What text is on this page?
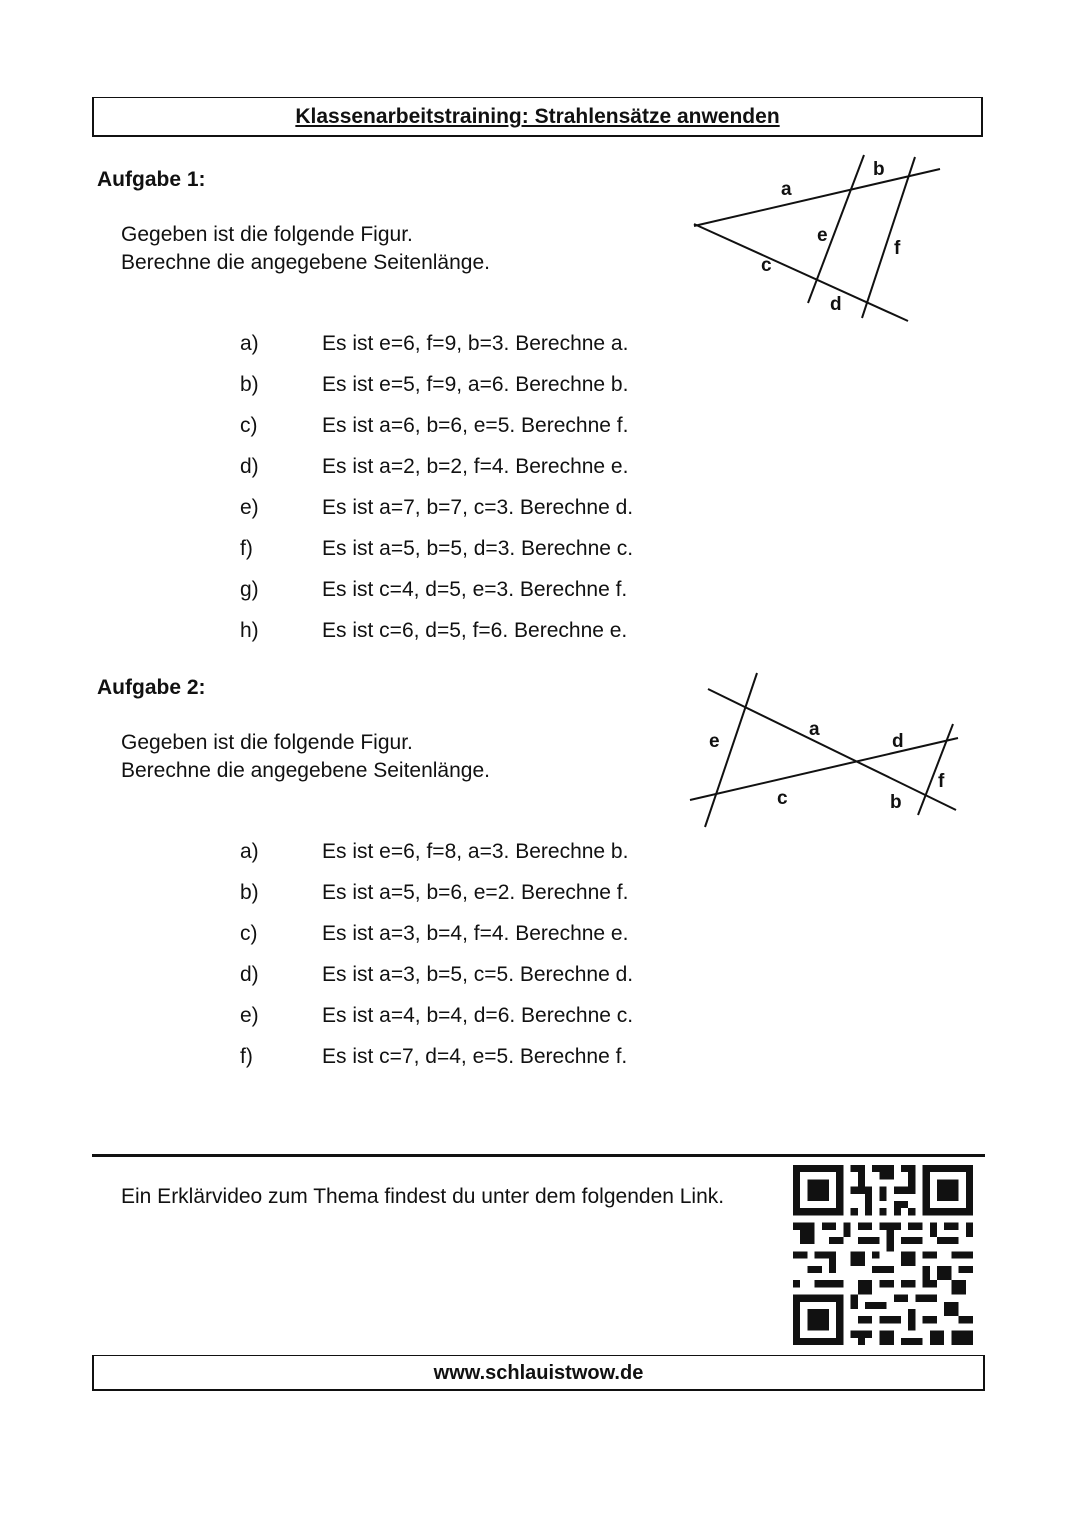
Klassenarbeitstraining: Strahlensätze anwenden
Aufgabe 1:
Gegeben ist die folgende Figur.
Berechne die angegebene Seitenlänge.
a
b
c
d
e
f
a)	Es ist e=6, f=9, b=3. Berechne a.
b)	Es ist e=5, f=9, a=6. Berechne b.
c)	Es ist a=6, b=6, e=5. Berechne f.
d)	Es ist a=2, b=2, f=4. Berechne e.
e)	Es ist a=7, b=7, c=3. Berechne d.
f)	Es ist a=5, b=5, d=3. Berechne c.
g)	Es ist c=4, d=5, e=3. Berechne f.
h)	Es ist c=6, d=5, f=6. Berechne e.
Aufgabe 2:
Gegeben ist die folgende Figur.
Berechne die angegebene Seitenlänge.
e
a
d
c	b
f
a)	Es ist e=6, f=8, a=3. Berechne b.
b)	Es ist a=5, b=6, e=2. Berechne f.
c)	Es ist a=3, b=4, f=4. Berechne e.
d)	Es ist a=3, b=5, c=5. Berechne d.
e)	Es ist a=4, b=4, d=6. Berechne c.
f)	Es ist c=7, d=4, e=5. Berechne f.
Ein Erklärvideo zum Thema findest du unter dem folgenden Link.
www.schlauistwow.de
